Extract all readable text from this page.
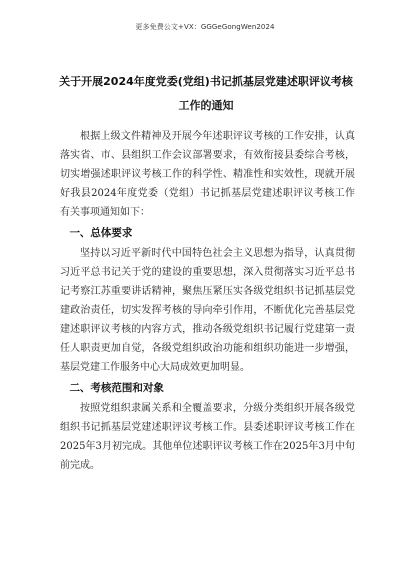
更多免费公文+VX：GGGeGongWen2024
关于开展2024年度党委(党组)书记抓基层党建述职评议考核工作的通知

根据上级文件精神及开展今年述职评议考核的工作安排，认真落实省、市、县组织工作会议部署要求，有效衔接县委综合考核，切实增强述职评议考核工作的科学性、精准性和实效性，现就开展好我县2024年度党委（党组）书记抓基层党建述职评议考核工作有关事项通知如下：

一、总体要求

坚持以习近平新时代中国特色社会主义思想为指导，认真贯彻习近平总书记关于党的建设的重要思想，深入贯彻落实习近平总书记考察江苏重要讲话精神，聚焦压紧压实各级党组织书记抓基层党建政治责任，切实发挥考核的导向牵引作用，不断优化完善基层党建述职评议考核的内容方式，推动各级党组织书记履行党建第一责任人职责更加自觉，各级党组织政治功能和组织功能进一步增强，基层党建工作服务中心大局成效更加明显。

二、考核范围和对象

按照党组织隶属关系和全覆盖要求，分级分类组织开展各级党组织书记抓基层党建述职评议考核工作。县委述职评议考核工作在2025年3月初完成。其他单位述职评议考核工作在2025年3月中旬前完成。
